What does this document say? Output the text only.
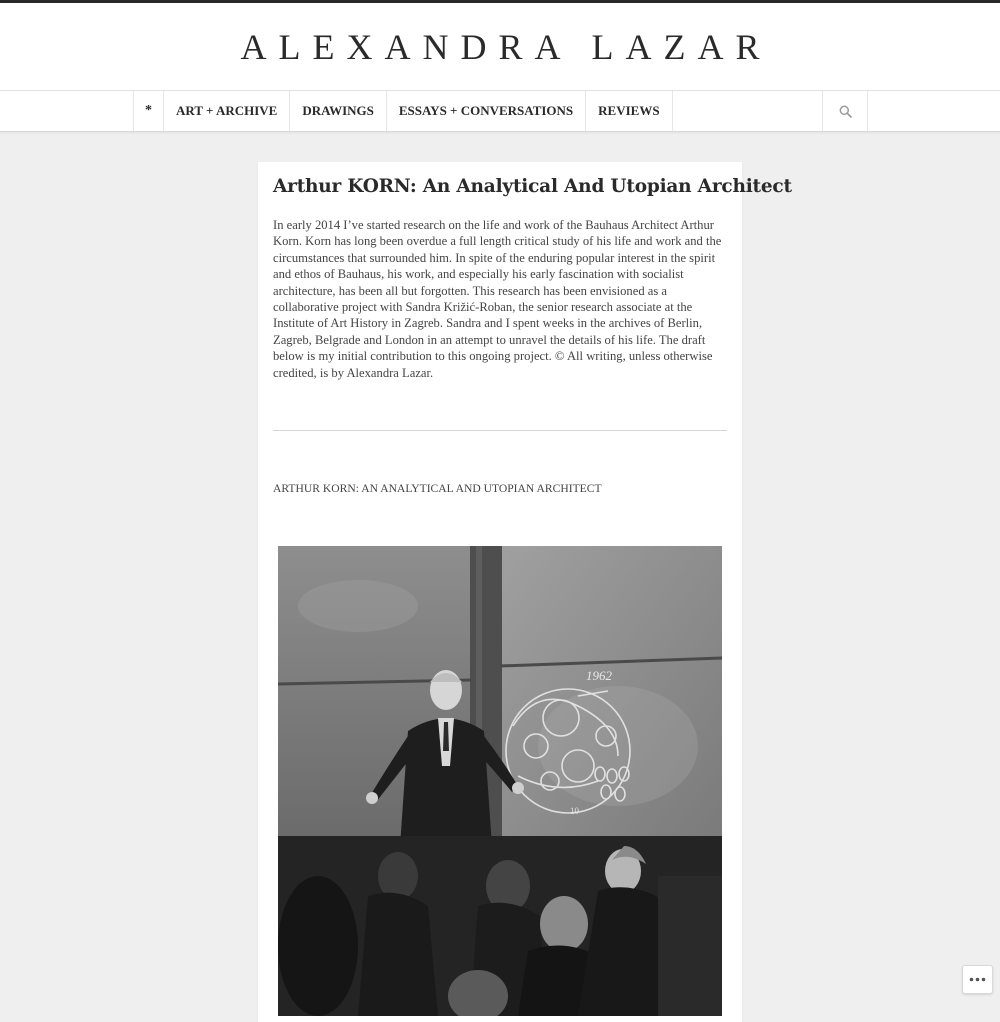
ALEXANDRA LAZAR
*	ART + ARCHIVE	DRAWINGS	ESSAYS + CONVERSATIONS	REVIEWS
Arthur KORN: An Analytical And Utopian Architect

In early 2014 I’ve started research on the life and work of the Bauhaus Architect Arthur Korn. Korn has long been overdue a full length critical study of his life and work and the circumstances that surrounded him. In spite of the enduring popular interest in the spirit and ethos of Bauhaus, his work, and especially his early fascination with socialist architecture, has been all but forgotten. This research has been envisioned as a collaborative project with Sandra Križić-Roban, the senior research associate at the Institute of Art History in Zagreb. Sandra and I spent weeks in the archives of Berlin, Zagreb, Belgrade and London in an attempt to unravel the details of his life. The draft below is my initial contribution to this ongoing project. © All writing, unless otherwise credited, is by Alexandra Lazar.

ARTHUR KORN: AN ANALYTICAL AND UTOPIAN ARCHITECT
1962
10
